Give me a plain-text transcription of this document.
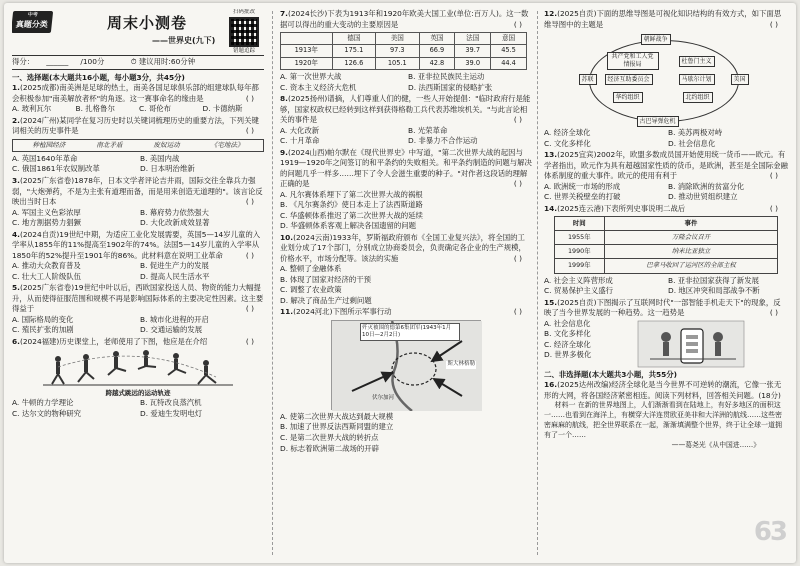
中考
真题分类	周末小测卷
——世界史(九下)
扫码批改
错题追踪
得分： ______ /100分	⏱ 建议用时:60分钟
一、选择题(本大题共16小题，每小题3分，共45分)
1.(2025成都)南美洲是足球的热土，南美各国足球俱乐部的组建球队每年都会积极参加"南美解放者杯"的角逐。这一赛事命名的缘由是	( )
A. 玻利瓦尔	B. 扎格鲁尔	C. 哥伦布	D. 卡德纳斯
2.(2024广州)某同学在复习历史时以关键词梳理历史的重要方法，下列关键词相关的历史事件是	( )
种植园经济	南北矛盾	废奴运动	《宅地法》
A. 英国1640年革命	B. 美国内战
C. 俄国1861年农奴制改革	D. 日本明治维新
3.(2025广东省卷)1878年，日本文学者评论吉井雨，国际交往全靠兵力强弱，"大炮弹药，不是为主张有道理而备，而是用来创造无道理的"。该言论反映出当时日本	( )
A. 军国主义色彩浓厚	B. 幕府势力依然强大
C. 地方割据势力猖獗	D. 大化改新成效显著
4.(2024自贡)19世纪中期，为适应工业化发展需要，英国5—14岁儿童的入学率从1855年的11%提高至1902年的74%。法国5—14岁儿童的入学率从1850年的52%提升至1901年的86%。此材料意在说明工业革命	( )
A. 推动大众教育普及	B. 促进生产力的发展
C. 壮大工人阶级队伍	D. 提高人民生活水平
5.(2025广东省卷)19世纪中叶以后，西欧国家投送人员、物资的能力大幅提升，从而使得征服范围和规模不再是影响国际体系的主要决定性因素。这主要得益于	( )
A. 国际格局的变化	B. 城市化进程的开启
C. 殖民扩张的加剧	D. 交通运输的发展
6.(2024福建)历史课堂上，老师使用了下图，他应是在介绍	( )
跨越式跳远的运动轨迹
A. 牛顿的力学理论	B. 瓦特改良蒸汽机
C. 达尔文的物种研究	D. 爱迪生发明电灯
7.(2024长沙)下表为1913年和1920年欧美大国工业(单位:百万人)。这一数据可以得出的重大变动的主要原因是	( )
	德国	美国	英国	法国	意国
1913年	175.1	97.3	66.9	39.7	45.5
1920年	126.6	105.1	42.8	39.0	44.4
A. 第一次世界大战	B. 亚非拉民族民主运动
C. 资本主义经济大危机	D. 法西斯国家的侵略扩张
8.(2025扬州)谱摘，人们尊重人们的健，一些人开始提倡："临时政府行是能够，国家权政权已经转到这样到获得格勒工兵代表苏维埃机关。"与此言论相关的事件是	( )
A. 大化改新	B. 光荣革命
C. 十月革命	D. 非暴力不合作运动
9.(2024山西)帕尔默在《现代世界史》中写道，"第二次世界大战的起因与1919—1920年之间签订的和平条约的失败相关。和平条约制造的问题与解决的问题几乎一样多……埋下了令人会滋生重要的种子。"对作者这段话的理解正确的是	( )
A. 凡尔赛体系埋下了第二次世界大战的祸根
B. 《凡尔赛条约》使日本走上了法西斯道路
C. 华盛顿体系推迟了第二次世界大战的延续
D. 华盛顿体系客观上解决各国遗留的问题
10.(2024云南)1933年，罗斯福政府颁布《全国工业复兴法》，将全国的工业划分成了17个部门，分别成立协商委员会，负责确定各企业的生产规模，价格水平，市场分配等。该法的实施	( )
A. 整顿了金融体系
B. 体现了国家对经济的干预
C. 调整了农业政策
D. 解决了商品生产过剩问题
11.(2024河北)下图所示军事行动	( )
歼灭被围的德第6集团军(1943年1月10日—2月2日)
斯大林格勒
伏尔加河
A. 使第二次世界大战达到最大规模
B. 加速了世界反法西斯同盟的建立
C. 是第二次世界大战的转折点
D. 标志着欧洲第二战场的开辟
12.(2025自贡)下面的思维导图是可视化知识结构的有效方式，如下面思维导图中的主题是	( )
朝鲜战争
苏联	美国
共产党和工人党情报局
经济互助委员会
华约组织
杜鲁门主义
马歇尔计划
北约组织
古巴导弹危机
A. 经济全球化	B. 美苏两极对峙
C. 文化多样化	D. 社会信息化
13.(2025宜宾)2002年，欧盟多数成员国开始使用统一货币——欧元。有学者指出，欧元作为具有超越国家性质的货币，是欧洲，甚至是全国际金融体系制度的重大事件。欧元的使用有利于	( )
A. 欧洲统一市场的形成	B. 消除欧洲的贫富分化
C. 世界关税壁垒的打破	D. 推动世贸组织建立
14.(2025连云港)下表所列史事说明二战后	( )
时间	事件
1955年	万隆会议召开
1990年	纳米比亚独立
1999年	巴拿马收回了运河区的全部主权
A. 社会主义阵营形成	B. 亚非拉国家获得了新发展
C. 贸易保护主义盛行	D. 地区冲突和局部战争不断
15.(2025自贡)下图揭示了互联网时代"一部智能手机走天下"的现象，反映了当今世界发展的一种趋势。这一趋势是	( )
A. 社会信息化
B. 文化多样化
C. 经济全球化
D. 世界多极化
二、非选择题(本大题共3小题，共55分)
16.(2025达州改编)经济全球化是当今世界不可逆转的潮流，它像一张无形的大网，将各国经济紧密相连。阅读下列材料，回答相关问题。(18分)
材料一 在新的世界地图上，人们渐渐看到在陆地上，有好多地区的面积这一……也看到在海洋上，有横穿大洋连贯欧亚美非和大洋洲的航线……这些密密麻麻的航线，把全世界联系在一起，渐渐填满整个世界，终于让全球一道拥有了一个……
——葛尧光《从中国进……》
63
